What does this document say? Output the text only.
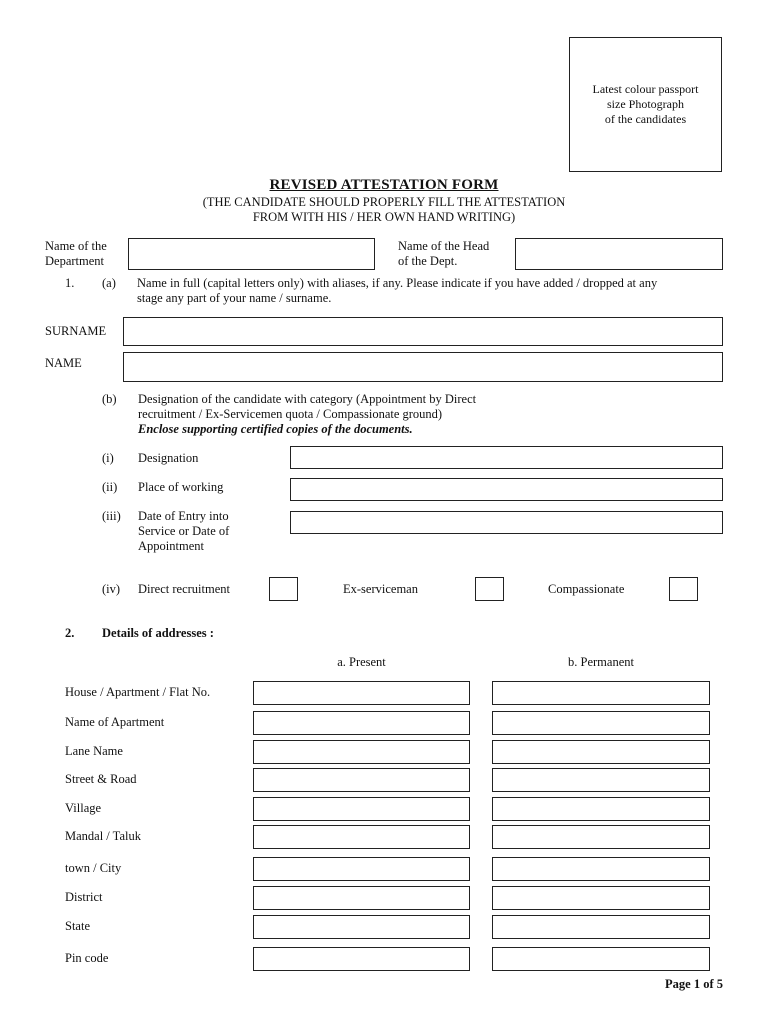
Latest colour passport
size Photograph
of the candidates
REVISED ATTESTATION FORM
(THE CANDIDATE SHOULD PROPERLY FILL THE ATTESTATION
FROM WITH HIS / HER OWN HAND WRITING)
Name of the
Department
Name of the Head
of the Dept.
1. (a) Name in full (capital letters only) with aliases, if any. Please indicate if you have added / dropped at any
stage any part of your name / surname.
SURNAME
NAME
(b) Designation of the candidate with category (Appointment by Direct
recruitment / Ex-Servicemen quota / Compassionate ground)
Enclose supporting certified copies of the documents.
(i) Designation
(ii) Place of working
(iii) Date of Entry into
Service or Date of
Appointment
(iv) Direct recruitment	Ex-serviceman	Compassionate
2. Details of addresses :
a. Present	b. Permanent
House / Apartment / Flat No.
Name of Apartment
Lane Name
Street & Road
Village
Mandal / Taluk
town / City
District
State
Pin code
Page 1 of 5
